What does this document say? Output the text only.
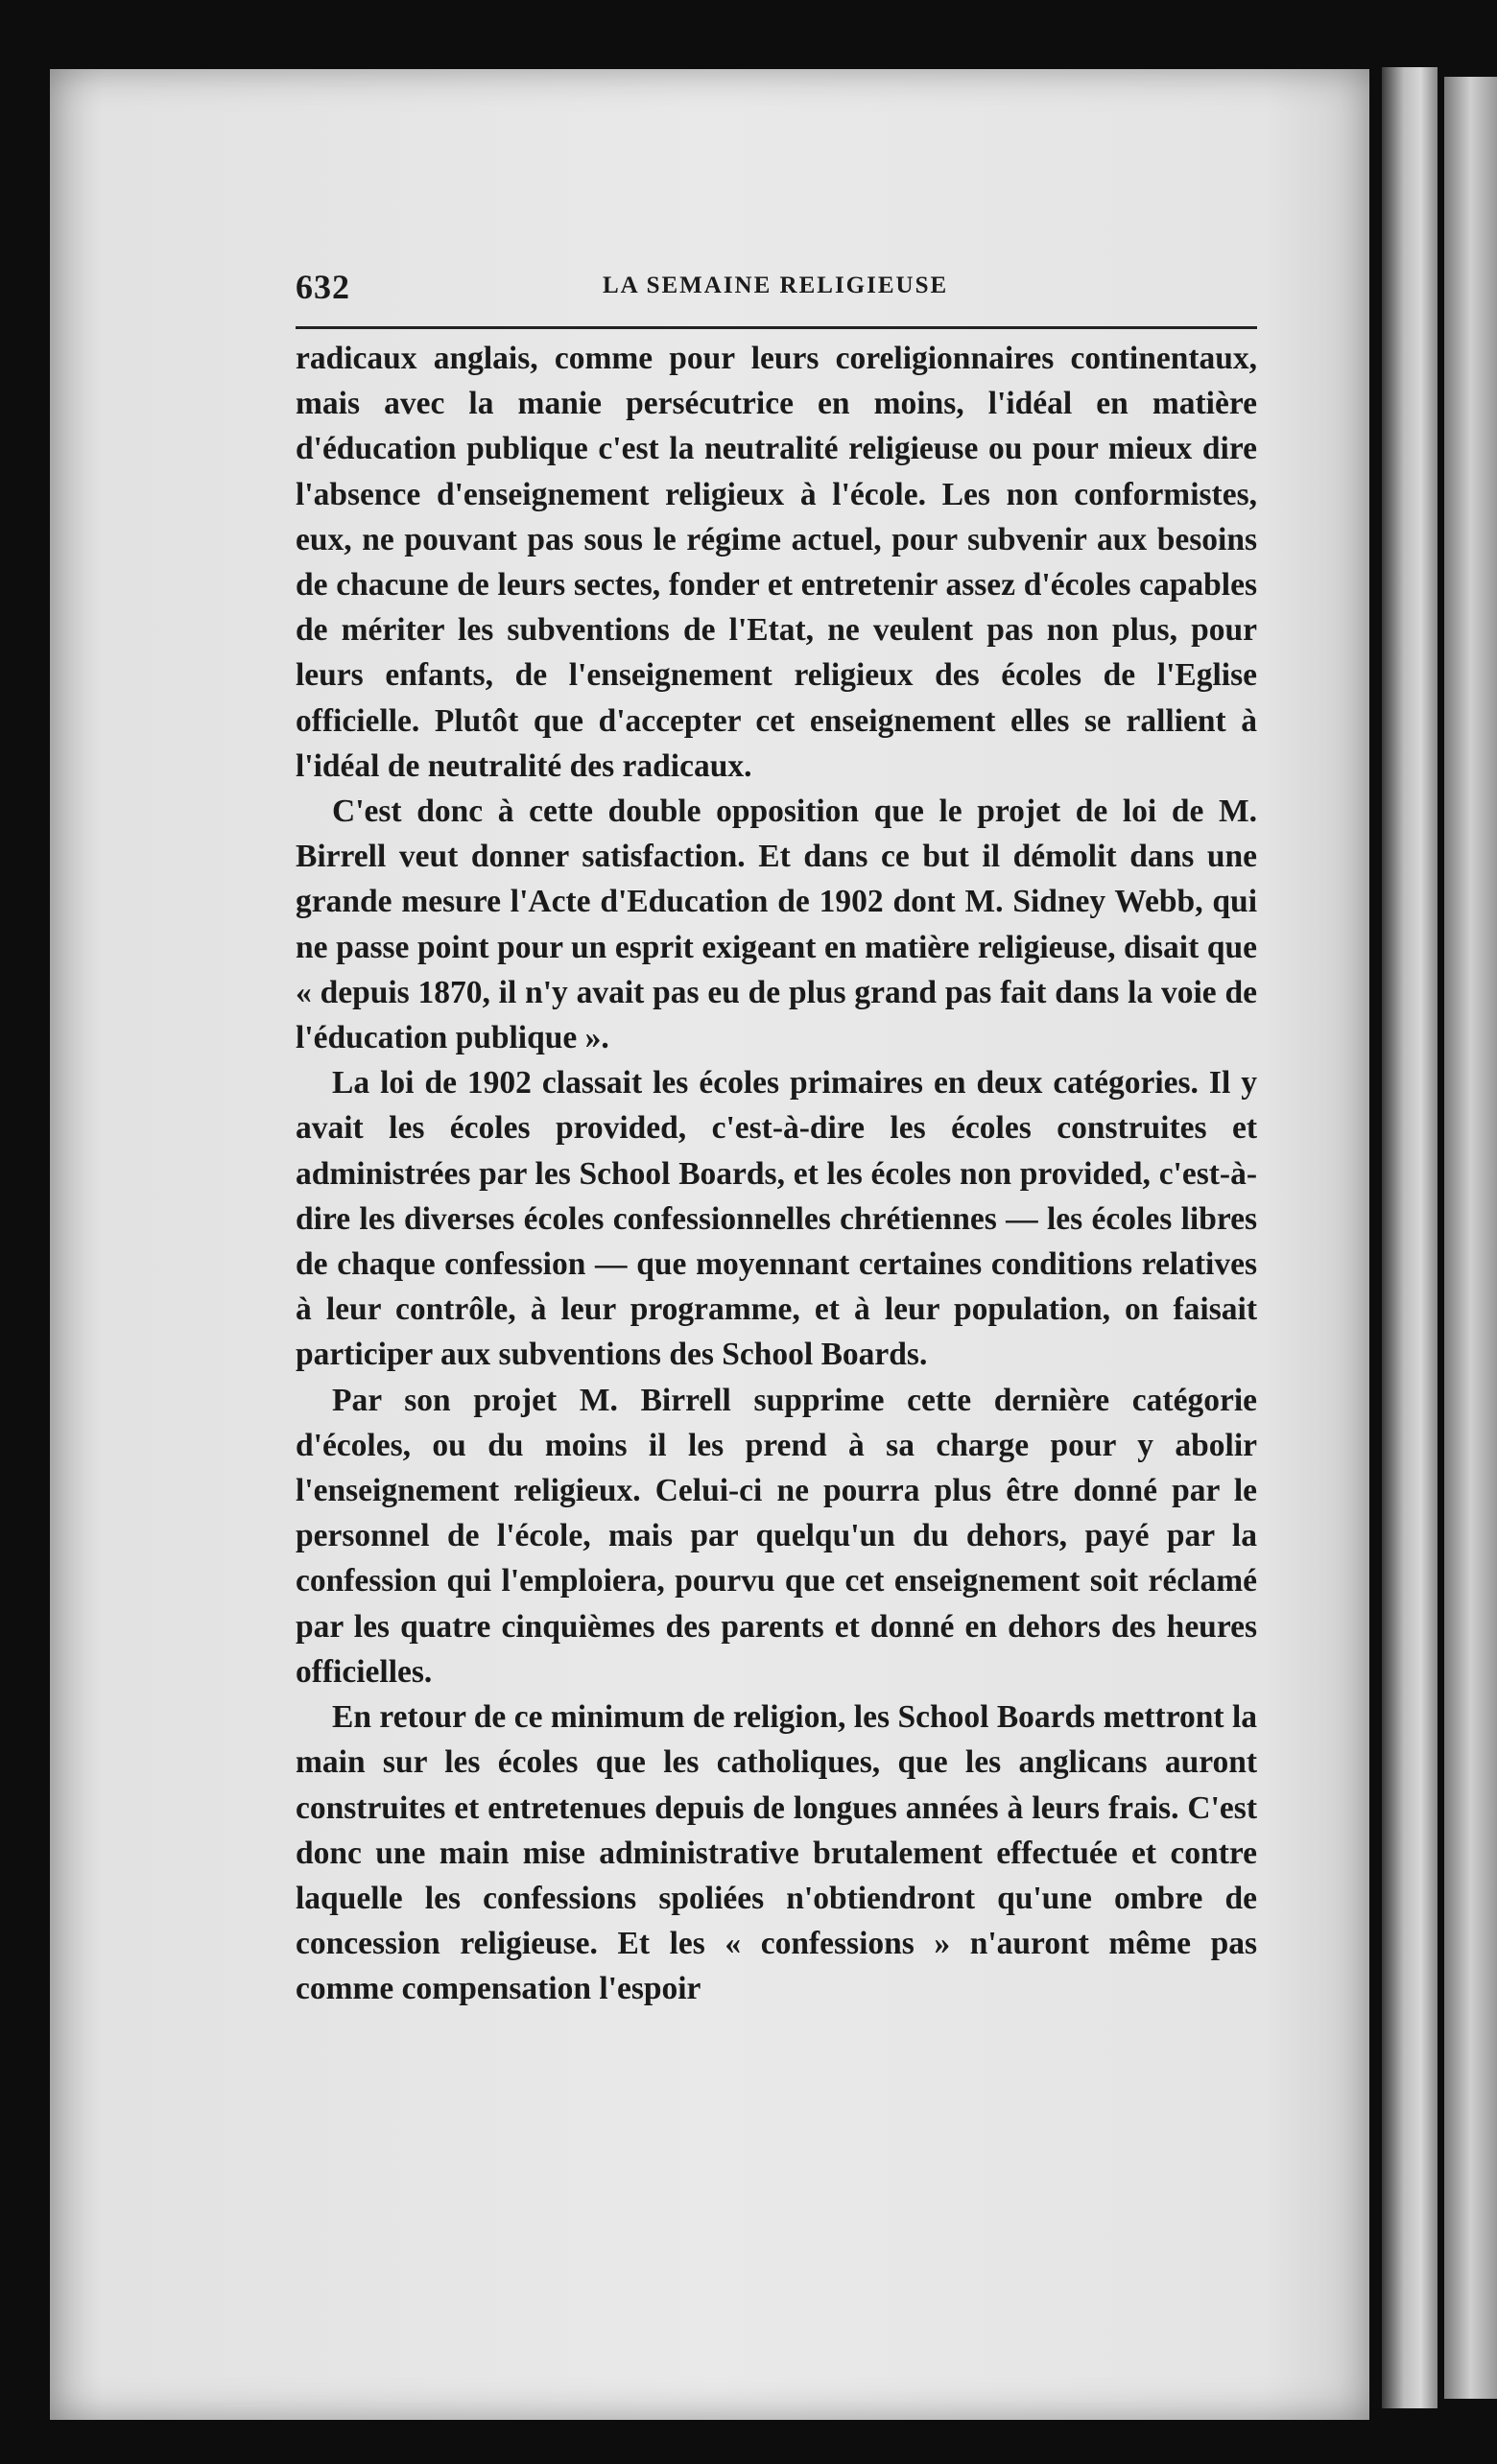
632	LA SEMAINE RELIGIEUSE

radicaux anglais, comme pour leurs coreligionnaires continentaux, mais avec la manie persécutrice en moins, l'idéal en matière d'éducation publique c'est la neutralité religieuse ou pour mieux dire l'absence d'enseignement religieux à l'école. Les non conformistes, eux, ne pouvant pas sous le régime actuel, pour subvenir aux besoins de chacune de leurs sectes, fonder et entretenir assez d'écoles capables de mériter les subventions de l'Etat, ne veulent pas non plus, pour leurs enfants, de l'enseignement religieux des écoles de l'Eglise officielle. Plutôt que d'accepter cet enseignement elles se rallient à l'idéal de neutralité des radicaux.

C'est donc à cette double opposition que le projet de loi de M. Birrell veut donner satisfaction. Et dans ce but il démolit dans une grande mesure l'Acte d'Education de 1902 dont M. Sidney Webb, qui ne passe point pour un esprit exigeant en matière religieuse, disait que « depuis 1870, il n'y avait pas eu de plus grand pas fait dans la voie de l'éducation publique ».

La loi de 1902 classait les écoles primaires en deux catégories. Il y avait les écoles provided, c'est-à-dire les écoles construites et administrées par les School Boards, et les écoles non provided, c'est-à-dire les diverses écoles confessionnelles chrétiennes — les écoles libres de chaque confession — que moyennant certaines conditions relatives à leur contrôle, à leur programme, et à leur population, on faisait participer aux subventions des School Boards.

Par son projet M. Birrell supprime cette dernière catégorie d'écoles, ou du moins il les prend à sa charge pour y abolir l'enseignement religieux. Celui-ci ne pourra plus être donné par le personnel de l'école, mais par quelqu'un du dehors, payé par la confession qui l'emploiera, pourvu que cet enseignement soit réclamé par les quatre cinquièmes des parents et donné en dehors des heures officielles.

En retour de ce minimum de religion, les School Boards mettront la main sur les écoles que les catholiques, que les anglicans auront construites et entretenues depuis de longues années à leurs frais. C'est donc une main mise administrative brutalement effectuée et contre laquelle les confessions spoliées n'obtiendront qu'une ombre de concession religieuse. Et les « confessions » n'auront même pas comme compensation l'espoir
